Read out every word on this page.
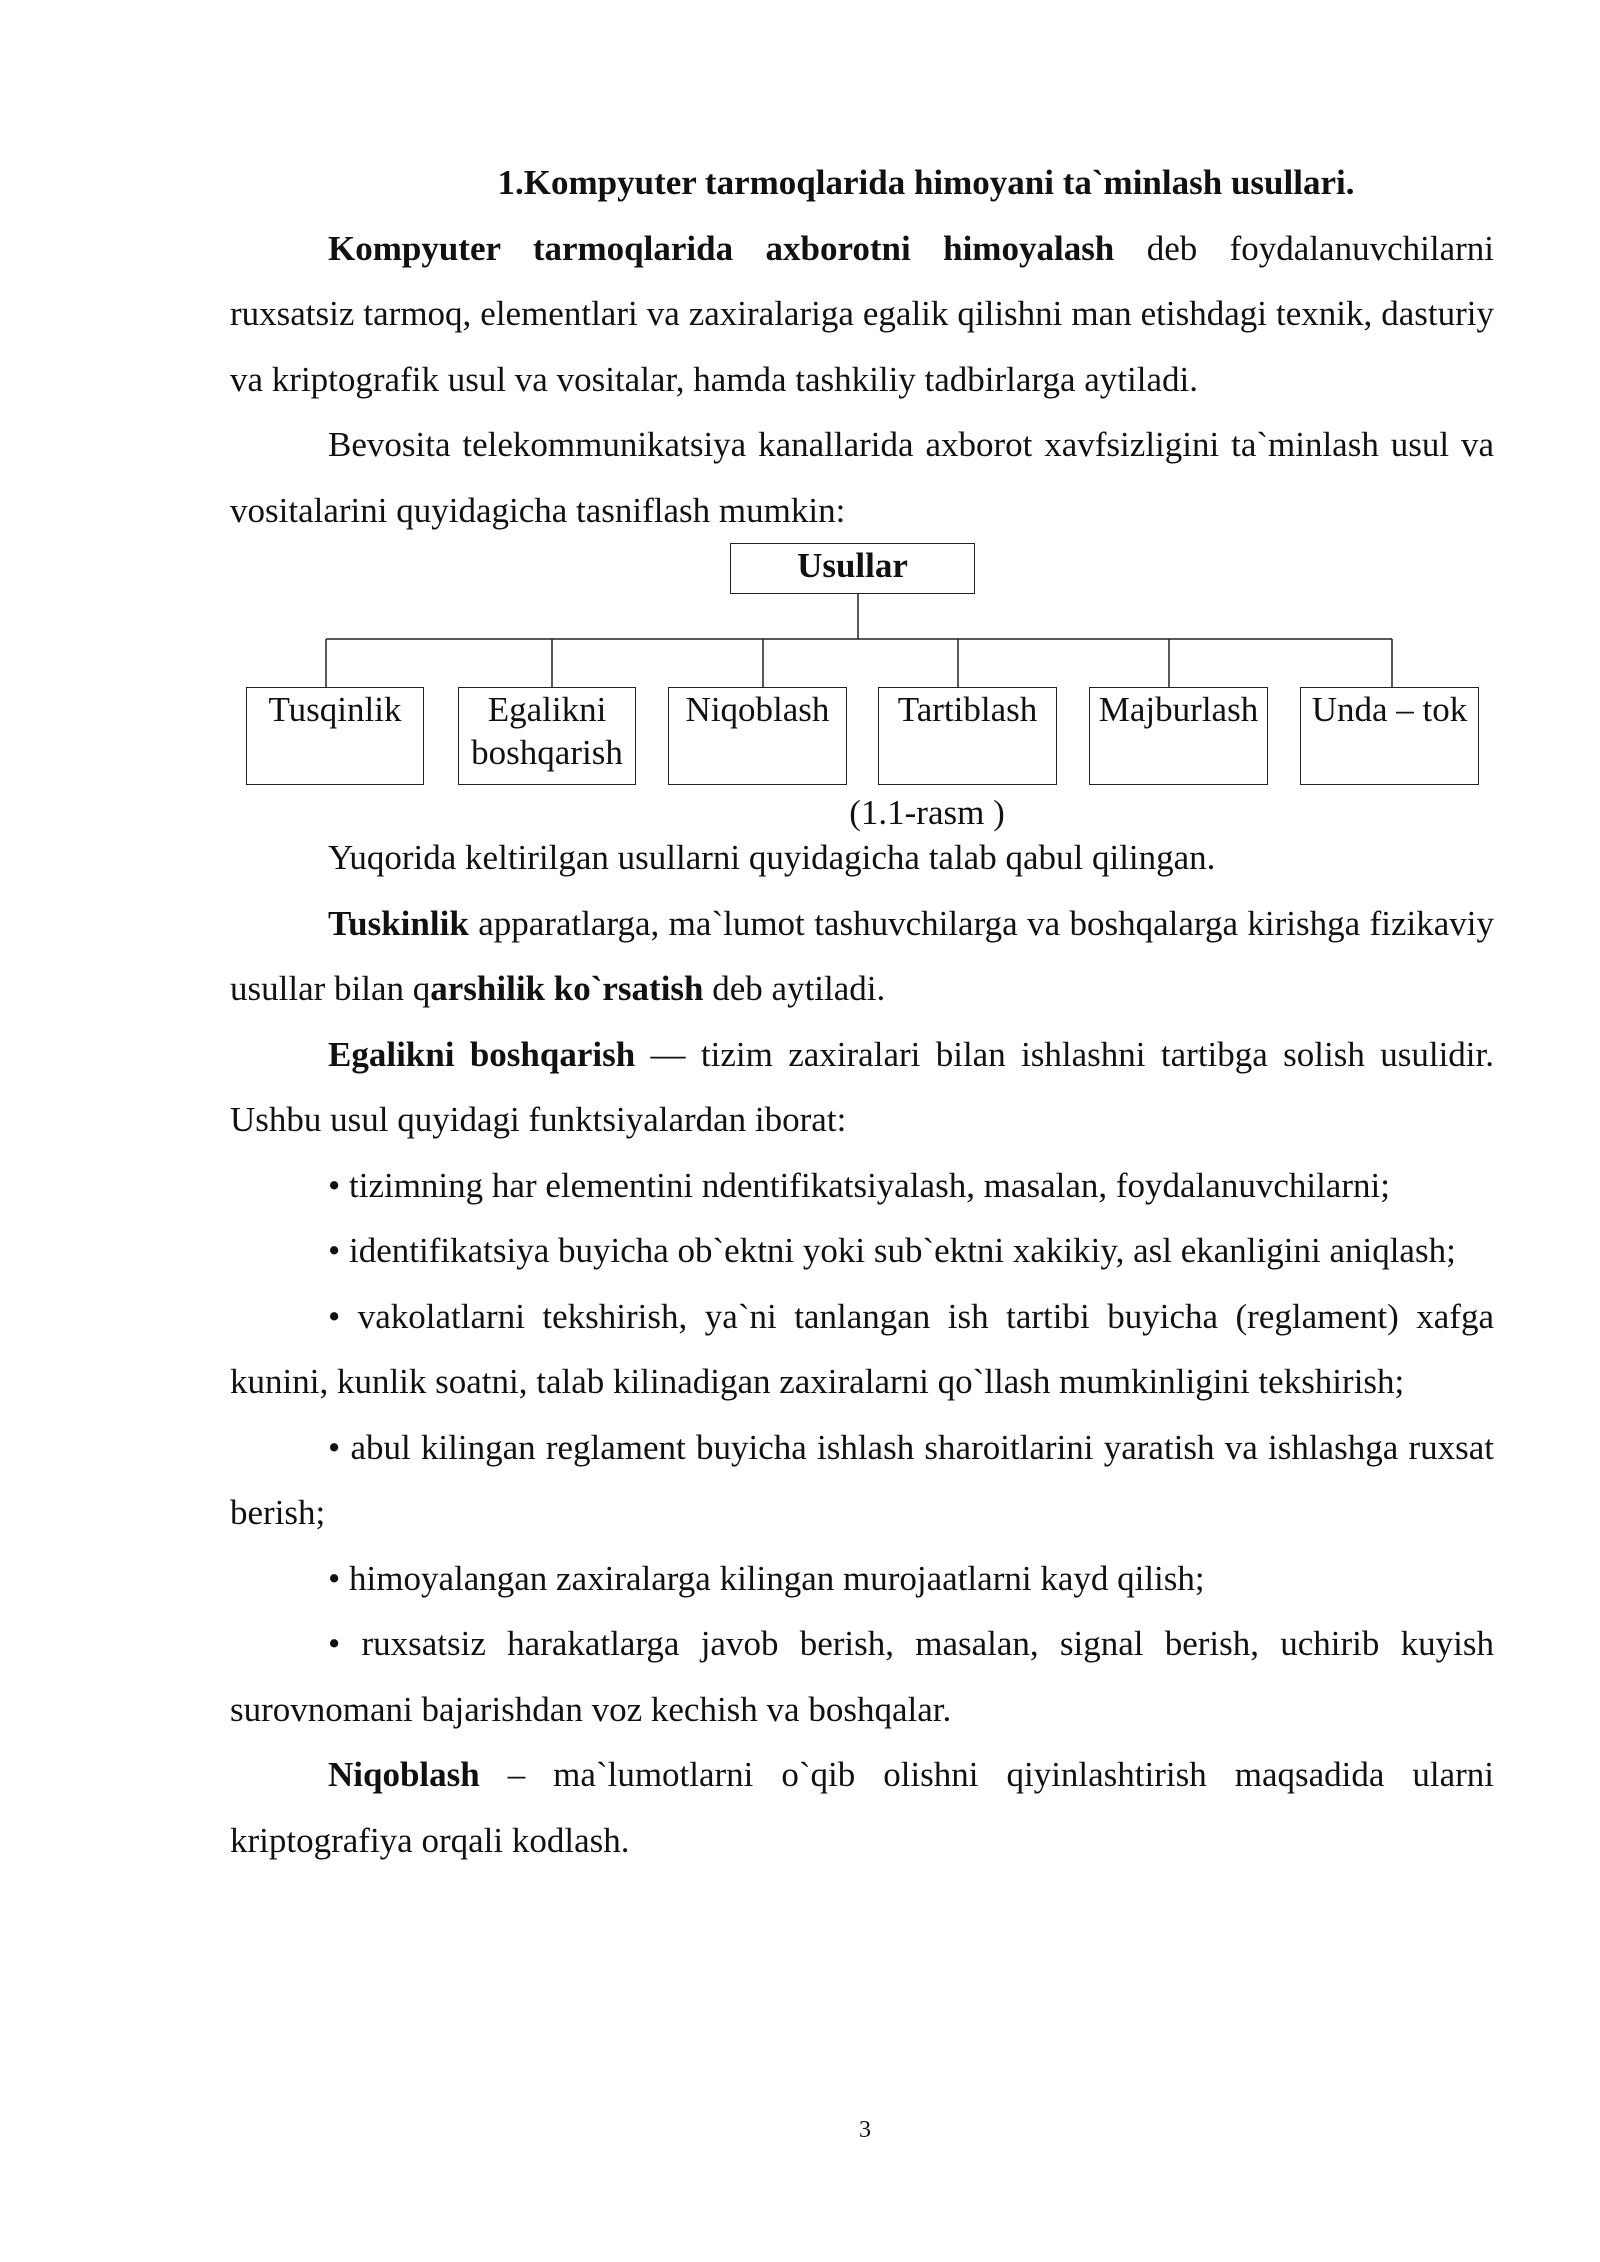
1.Kompyuter tarmoqlarida himoyani ta`minlash usullari.

Kompyuter tarmoqlarida axborotni himoyalash deb foydalanuvchilarni ruxsatsiz tarmoq, elementlari va zaxiralariga egalik qilishni man etishdagi texnik, dasturiy va kriptografik usul va vositalar, hamda tashkiliy tadbirlarga aytiladi.

Bevosita telekommunikatsiya kanallarida axborot xavfsizligini ta`minlash usul va vositalarini quyidagicha tasniflash mumkin:

Usullar
Tusqinlik	Egalikni boshqarish
Niqoblash	Tartiblash	Majburlash	Unda – tok
(1.1-rasm )

Yuqorida keltirilgan usullarni quyidagicha talab qabul qilingan.

Tuskinlik apparatlarga, ma`lumot tashuvchilarga va boshqalarga kirishga fizikaviy usullar bilan qarshilik ko`rsatish deb aytiladi.

Egalikni boshqarish — tizim zaxiralari bilan ishlashni tartibga solish usulidir. Ushbu usul quyidagi funktsiyalardan iborat:

• tizimning har elementini ndentifikatsiyalash, masalan, foydalanuvchilarni;

• identifikatsiya buyicha ob`ektni yoki sub`ektni xakikiy, asl ekanligini aniqlash;

• vakolatlarni tekshirish, ya`ni tanlangan ish tartibi buyicha (reglament) xafga kunini, kunlik soatni, talab kilinadigan zaxiralarni qo`llash mumkinligini tekshirish;

• abul kilingan reglament buyicha ishlash sharoitlarini yaratish va ishlashga ruxsat berish;

• himoyalangan zaxiralarga kilingan murojaatlarni kayd qilish;

• ruxsatsiz harakatlarga javob berish, masalan, signal berish, uchirib kuyish surovnomani bajarishdan voz kechish va boshqalar.

Niqoblash – ma`lumotlarni o`qib olishni qiyinlashtirish maqsadida ularni kriptografiya orqali kodlash.

3
